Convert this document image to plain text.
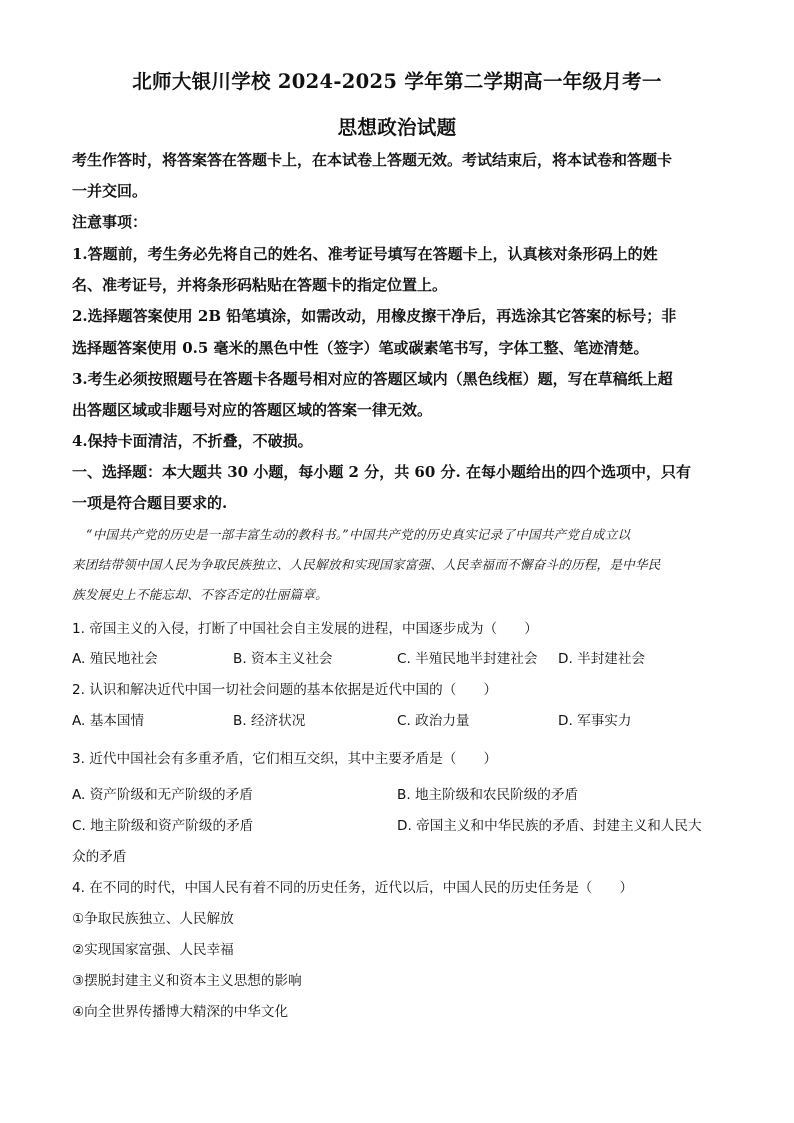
北师大银川学校 2024-2025 学年第二学期高一年级月考一
思想政治试题
考生作答时，将答案答在答题卡上，在本试卷上答题无效。考试结束后，将本试卷和答题卡
一并交回。
注意事项：
1.答题前，考生务必先将自己的姓名、准考证号填写在答题卡上，认真核对条形码上的姓
名、准考证号，并将条形码粘贴在答题卡的指定位置上。
2.选择题答案使用 2B 铅笔填涂，如需改动，用橡皮擦干净后，再选涂其它答案的标号；非
选择题答案使用 0.5 毫米的黑色中性（签字）笔或碳素笔书写，字体工整、笔迹清楚。
3.考生必须按照题号在答题卡各题号相对应的答题区域内（黑色线框）题，写在草稿纸上超
出答题区域或非题号对应的答题区域的答案一律无效。
4.保持卡面清洁，不折叠，不破损。
一、选择题：本大题共 30 小题，每小题 2 分，共 60 分. 在每小题给出的四个选项中，只有
一项是符合题目要求的.
“中国共产党的历史是一部丰富生动的教科书。”中国共产党的历史真实记录了中国共产党自成立以
来团结带领中国人民为争取民族独立、人民解放和实现国家富强、人民幸福而不懈奋斗的历程，是中华民
族发展史上不能忘却、不容否定的壮丽篇章。
1. 帝国主义的入侵，打断了中国社会自主发展的进程，中国逐步成为（　　）
A. 殖民地社会	B. 资本主义社会	C. 半殖民地半封建社会 D. 半封建社会
2. 认识和解决近代中国一切社会问题的基本依据是近代中国的（　　）
A. 基本国情	B. 经济状况	C. 政治力量	D. 军事实力
3. 近代中国社会有多重矛盾，它们相互交织，其中主要矛盾是（　　）
A. 资产阶级和无产阶级的矛盾	B. 地主阶级和农民阶级的矛盾
C. 地主阶级和资产阶级的矛盾	D. 帝国主义和中华民族的矛盾、封建主义和人民大
众的矛盾
4. 在不同的时代，中国人民有着不同的历史任务，近代以后，中国人民的历史任务是（　　）
①争取民族独立、人民解放
②实现国家富强、人民幸福
③摆脱封建主义和资本主义思想的影响
④向全世界传播博大精深的中华文化
